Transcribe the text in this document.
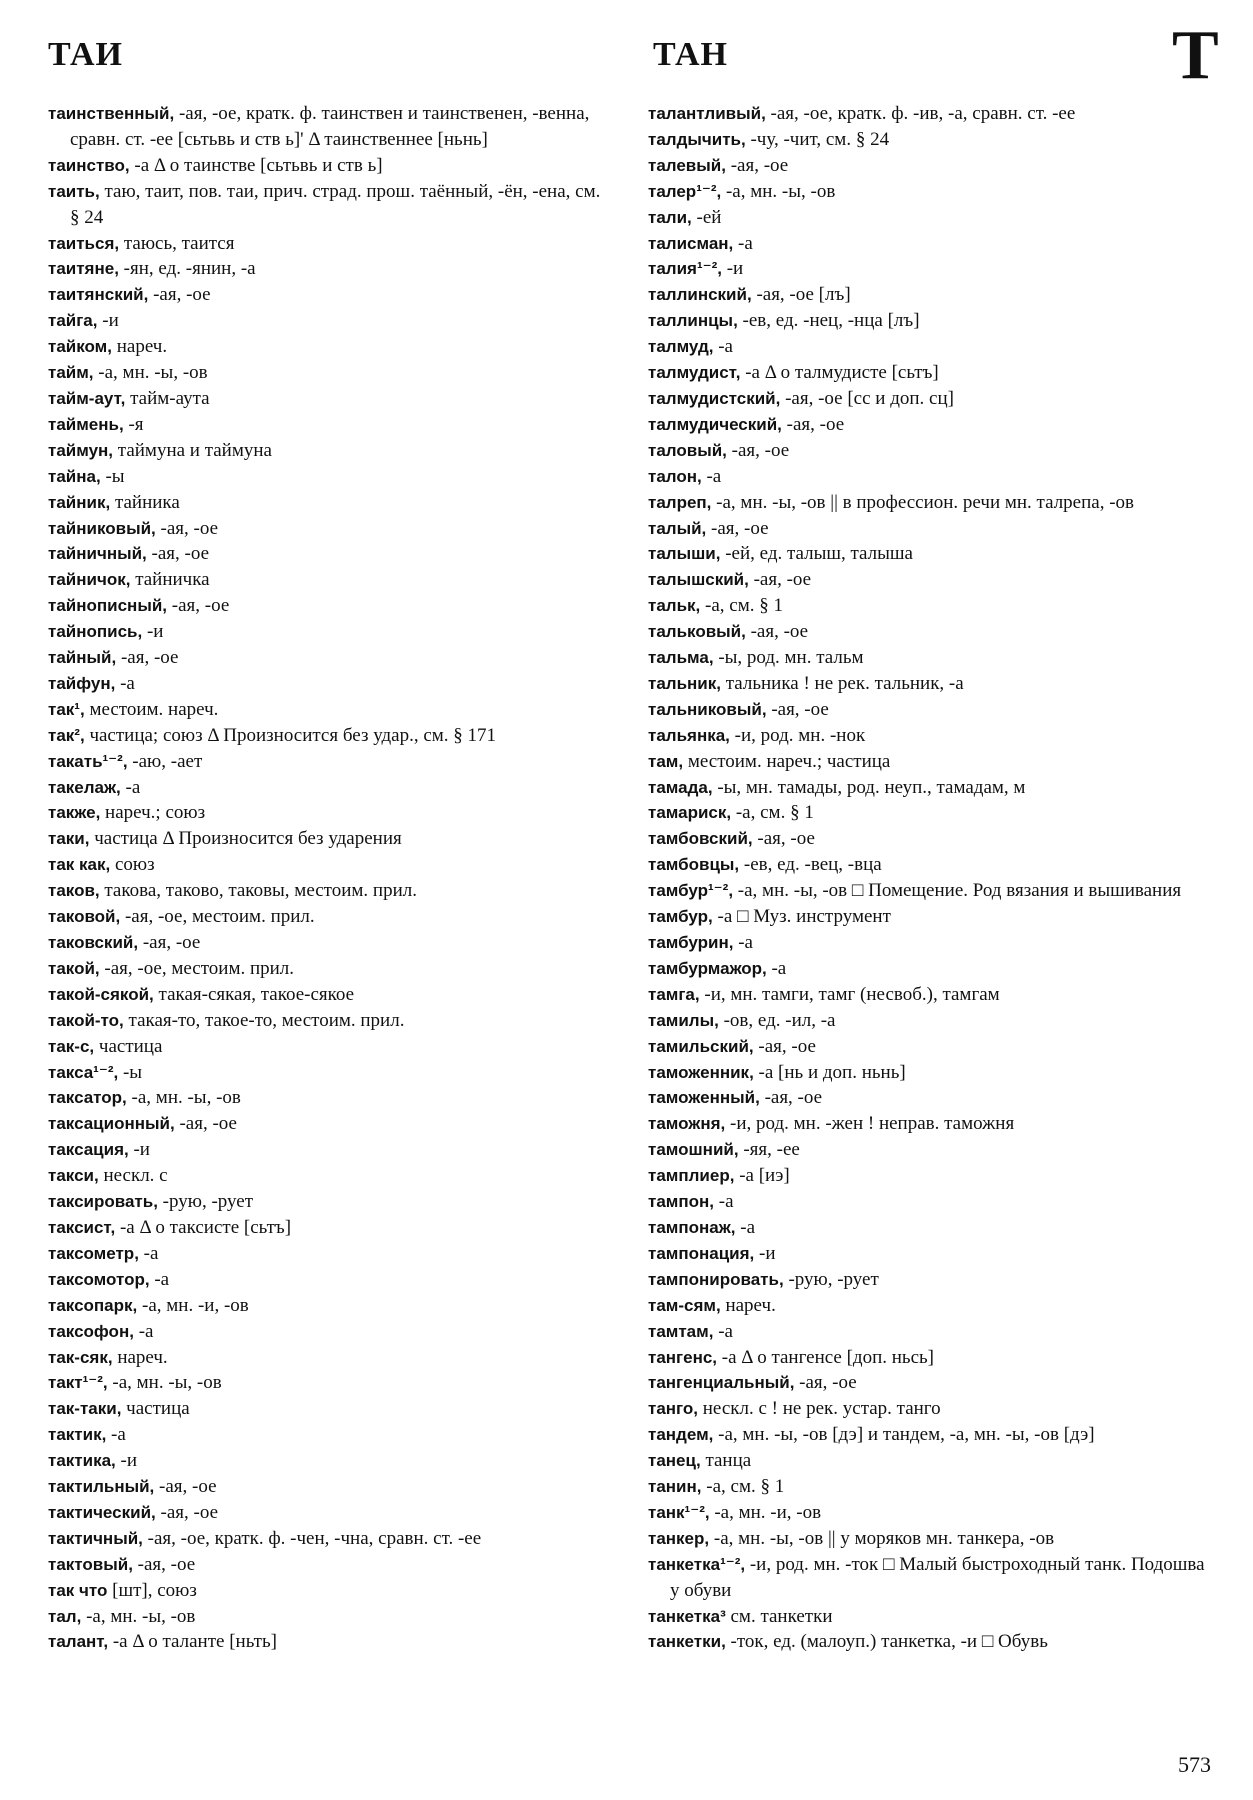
ТАИ	ТАН	Т

таинственный, -ая, -ое, кратк. ф. таинствен и таинственен, -венна, сравн. ст. -ее [сьтьвь и ств ь]' Δ таинственнее [ньнь]

таинство, -а Δ о таинстве [сьтьвь и ств ь]

таить, таю, таит, пов. таи, прич. страд. прош. таённый, -ён, -ена, см. § 24

таиться, таюсь, таится

таитяне, -ян, ед. -янин, -а

таитянский, -ая, -ое

тайга, -и

тайком, нареч.

тайм, -а, мн. -ы, -ов

тайм-аут, тайм-аута

таймень, -я

таймун, таймуна и таймуна

тайна, -ы

тайник, тайника

тайниковый, -ая, -ое

тайничный, -ая, -ое

тайничок, тайничка

тайнописный, -ая, -ое

тайнопись, -и

тайный, -ая, -ое

тайфун, -а

так¹, местоим. нареч.

так², частица; союз Δ Произносится без удар., см. § 171

такать¹⁻², -аю, -ает

такелаж, -а

также, нареч.; союз

таки, частица Δ Произносится без ударения

так как, союз

таков, такова, таково, таковы, местоим. прил.

таковой, -ая, -ое, местоим. прил.

таковский, -ая, -ое

такой, -ая, -ое, местоим. прил.

такой-сякой, такая-сякая, такое-сякое

такой-то, такая-то, такое-то, местоим. прил.

так-с, частица

такса¹⁻², -ы

таксатор, -а, мн. -ы, -ов

таксационный, -ая, -ое

таксация, -и

такси, нескл. с

таксировать, -рую, -рует

таксист, -а Δ о таксисте [сьтъ]

таксометр, -а

таксомотор, -а

таксопарк, -а, мн. -и, -ов

таксофон, -а

так-сяк, нареч.

такт¹⁻², -а, мн. -ы, -ов

так-таки, частица

тактик, -а

тактика, -и

тактильный, -ая, -ое

тактический, -ая, -ое

тактичный, -ая, -ое, кратк. ф. -чен, -чна, сравн. ст. -ее

тактовый, -ая, -ое

так что [шт], союз

тал, -а, мн. -ы, -ов

талант, -а Δ о таланте [ньть]

талантливый, -ая, -ое, кратк. ф. -ив, -а, сравн. ст. -ее

талдычить, -чу, -чит, см. § 24

талевый, -ая, -ое

талер¹⁻², -а, мн. -ы, -ов

тали, -ей

талисман, -а

талия¹⁻², -и

таллинский, -ая, -ое [лъ]

таллинцы, -ев, ед. -нец, -нца [лъ]

талмуд, -а

талмудист, -а Δ о талмудисте [сьтъ]

талмудистский, -ая, -ое [сс и доп. сц]

талмудический, -ая, -ое

таловый, -ая, -ое

талон, -а

талреп, -а, мн. -ы, -ов || в профессион. речи мн. талрепа, -ов

талый, -ая, -ое

талыши, -ей, ед. талыш, талыша

талышский, -ая, -ое

тальк, -а, см. § 1

тальковый, -ая, -ое

тальма, -ы, род. мн. тальм

тальник, тальника ! не рек. тальник, -а

тальниковый, -ая, -ое

тальянка, -и, род. мн. -нок

там, местоим. нареч.; частица

тамада, -ы, мн. тамады, род. неуп., тамадам, м

тамариск, -а, см. § 1

тамбовский, -ая, -ое

тамбовцы, -ев, ед. -вец, -вца

тамбур¹⁻², -а, мн. -ы, -ов □ Помещение. Род вязания и вышивания

тамбур, -а □ Муз. инструмент

тамбурин, -а

тамбурмажор, -а

тамга, -и, мн. тамги, тамг (несвоб.), тамгам

тамилы, -ов, ед. -ил, -а

тамильский, -ая, -ое

таможенник, -а [нь и доп. ньнь]

таможенный, -ая, -ое

таможня, -и, род. мн. -жен ! неправ. таможня

тамошний, -яя, -ее

тамплиер, -а [иэ]

тампон, -а

тампонаж, -а

тампонация, -и

тампонировать, -рую, -рует

там-сям, нареч.

тамтам, -а

тангенс, -а Δ о тангенсе [доп. ньсь]

тангенциальный, -ая, -ое

танго, нескл. с ! не рек. устар. танго

тандем, -а, мн. -ы, -ов [дэ] и тандем, -а, мн. -ы, -ов [дэ]

танец, танца

танин, -а, см. § 1

танк¹⁻², -а, мн. -и, -ов

танкер, -а, мн. -ы, -ов || у моряков мн. танкера, -ов

танкетка¹⁻², -и, род. мн. -ток □ Малый быстроходный танк. Подошва у обуви

танкетка³ см. танкетки

танкетки, -ток, ед. (малоуп.) танкетка, -и □ Обувь

573
